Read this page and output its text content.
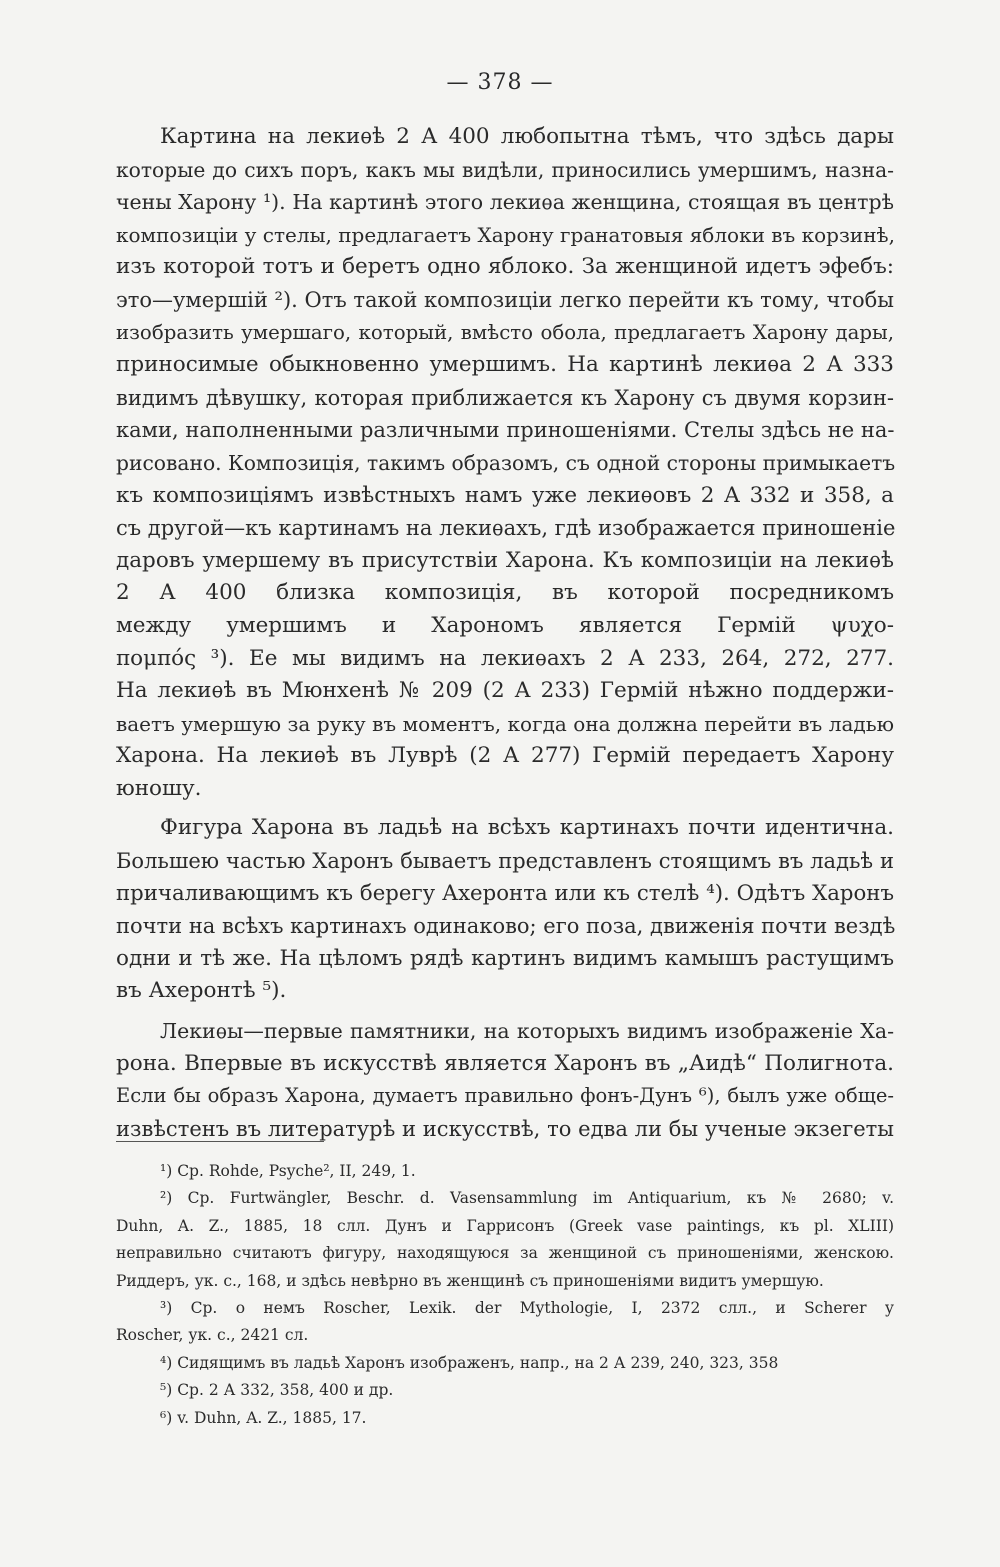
— 378 —
Картина на лекиѳѣ 2 А 400 любопытна тѣмъ, что здѣсь дары
которые до сихъ поръ, какъ мы видѣли, приносились умершимъ, назна-
чены Харону ¹). На картинѣ этого лекиѳа женщина, стоящая въ центрѣ
композиціи у стелы, предлагаетъ Харону гранатовыя яблоки въ корзинѣ,
изъ которой тотъ и беретъ одно яблоко. За женщиной идетъ эфебъ:
это—умершій ²). Отъ такой композиціи легко перейти къ тому, чтобы
изобразить умершаго, который, вмѣсто обола, предлагаетъ Харону дары,
приносимые обыкновенно умершимъ. На картинѣ лекиѳа 2 А 333
видимъ дѣвушку, которая приближается къ Харону съ двумя корзин-
ками, наполненными различными приношеніями. Стелы здѣсь не на-
рисовано. Композиція, такимъ образомъ, съ одной стороны примыкаетъ
къ композиціямъ извѣстныхъ намъ уже лекиѳовъ 2 А 332 и 358, а
съ другой—къ картинамъ на лекиѳахъ, гдѣ изображается приношеніе
даровъ умершему въ присутствіи Харона. Къ композиціи на лекиѳѣ
2 А 400 близка композиція, въ которой посредникомъ
между умершимъ и Харономъ является Гермій ψυχο-
πομπός ³). Ее мы видимъ на лекиѳахъ 2 А 233, 264, 272, 277.
На лекиѳѣ въ Мюнхенѣ № 209 (2 А 233) Гермій нѣжно поддержи-
ваетъ умершую за руку въ моментъ, когда она должна перейти въ ладью
Харона. На лекиѳѣ въ Луврѣ (2 А 277) Гермій передаетъ Харону
юношу.
Фигура Харона въ ладьѣ на всѣхъ картинахъ почти идентична.
Большею частью Харонъ бываетъ представленъ стоящимъ въ ладьѣ и
причаливающимъ къ берегу Ахеронта или къ стелѣ ⁴). Одѣтъ Харонъ
почти на всѣхъ картинахъ одинаково; его поза, движенія почти вездѣ
одни и тѣ же. На цѣломъ рядѣ картинъ видимъ камышъ растущимъ
въ Ахеронтѣ ⁵).
Лекиѳы—первые памятники, на которыхъ видимъ изображеніе Ха-
рона. Впервые въ искусствѣ является Харонъ въ „Аидѣ“ Полигнота.
Если бы образъ Харона, думаетъ правильно фонъ-Дунъ ⁶), былъ уже обще-
извѣстенъ въ литературѣ и искусствѣ, то едва ли бы ученые экзегеты
¹) Ср. Rohde, Psyche², II, 249, 1.
²) Ср. Furtwängler, Beschr. d. Vasensammlung im Antiquarium, къ № 2680; v.
Duhn, A. Z., 1885, 18 слл. Дунъ и Гаррисонъ (Greek vase paintings, къ pl. XLIII)
неправильно считаютъ фигуру, находящуюся за женщиной съ приношеніями, женскою.
Риддеръ, ук. с., 168, и здѣсь невѣрно въ женщинѣ съ приношеніями видитъ умершую.
³) Ср. о немъ Roscher, Lexik. der Mythologie, I, 2372 слл., и Scherer у
Roscher, ук. с., 2421 сл.
⁴) Сидящимъ въ ладьѣ Харонъ изображенъ, напр., на 2 А 239, 240, 323, 358
⁵) Ср. 2 А 332, 358, 400 и др.
⁶) v. Duhn, A. Z., 1885, 17.
